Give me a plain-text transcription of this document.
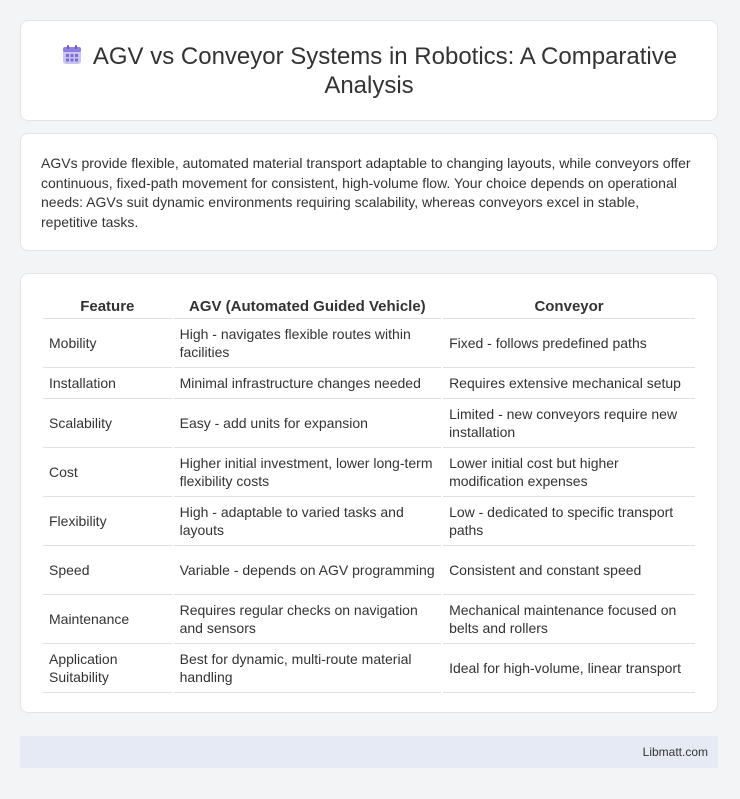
AGV vs Conveyor Systems in Robotics: A Comparative Analysis

AGVs provide flexible, automated material transport adaptable to changing layouts, while conveyors offer continuous, fixed-path movement for consistent, high-volume flow. Your choice depends on operational needs: AGVs suit dynamic environments requiring scalability, whereas conveyors excel in stable, repetitive tasks.

Feature	AGV (Automated Guided Vehicle)	Conveyor
Mobility	High - navigates flexible routes within facilities	Fixed - follows predefined paths
Installation	Minimal infrastructure changes needed	Requires extensive mechanical setup
Scalability	Easy - add units for expansion	Limited - new conveyors require new installation
Cost	Higher initial investment, lower long-term flexibility costs	Lower initial cost but higher modification expenses
Flexibility	High - adaptable to varied tasks and layouts	Low - dedicated to specific transport paths
Speed	Variable - depends on AGV programming	Consistent and constant speed
Maintenance	Requires regular checks on navigation and sensors	Mechanical maintenance focused on belts and rollers
Application Suitability	Best for dynamic, multi-route material handling	Ideal for high-volume, linear transport
Libmatt.com
